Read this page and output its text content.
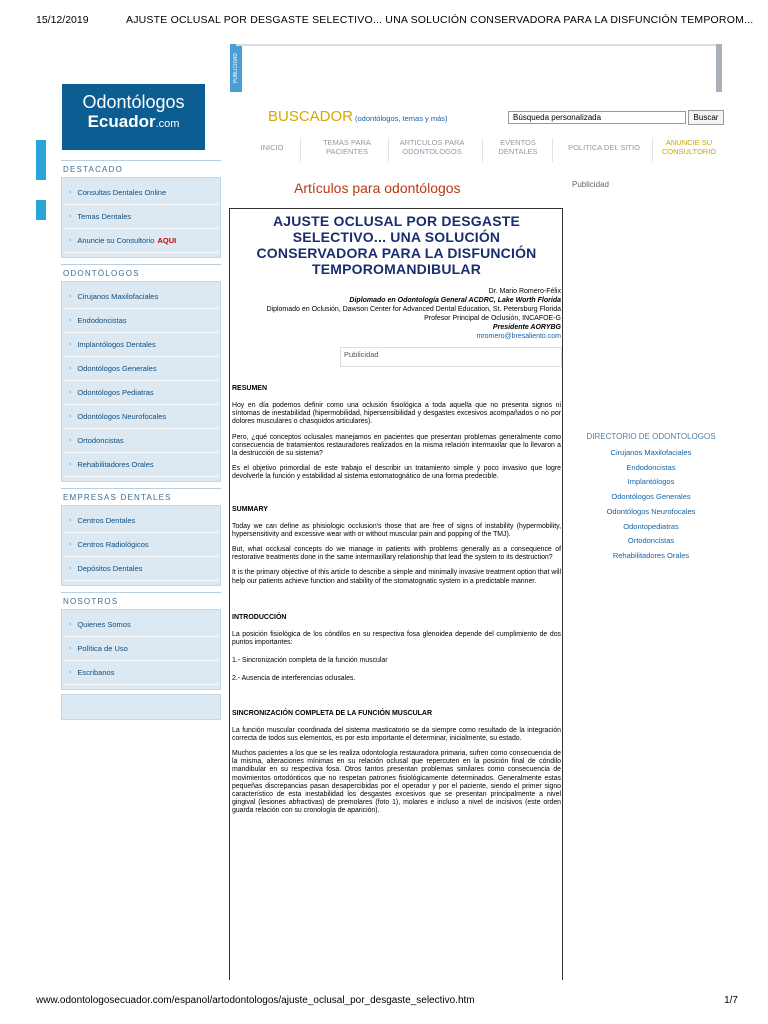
15/12/2019	AJUSTE OCLUSAL POR DESGASTE SELECTIVO... UNA SOLUCIÓN CONSERVADORA PARA LA DISFUNCIÓN TEMPOROM...
PUBLICIDAD
Odontólogos
Ecuador.com	BUSCADOR (odontólogos, temas y más)	Búsqueda personalizada	Buscar
INICIO
TEMAS PARA
PACIENTES
ARTICULOS PARA
ODONTOLOGOS
EVENTOS
DENTALES	POLITICA DEL SITIO
ANUNCIE SU
CONSULTORIO
DESTACADO
› Consultas Dentales Online
› Temas Dentales
› Anuncie su Consultorio AQUI
ODONTÓLOGOS
› Cirujanos Maxilofaciales
› Endodoncistas
› Implantólogos Dentales
› Odontólogos Generales
› Odontólogos Pediatras
› Odontólogos Neurofocales
› Ortodoncistas
› Rehabilitadores Orales
EMPRESAS DENTALES
› Centros Dentales
› Centros Radiológicos
› Depósitos Dentales
NOSOTROS
› Quienes Somos
› Política de Uso
› Escribanos
Artículos para odontólogos	Publicidad
AJUSTE OCLUSAL POR DESGASTE SELECTIVO... UNA SOLUCIÓN CONSERVADORA PARA LA DISFUNCIÓN TEMPOROMANDIBULAR
Dr. Mario Romero-Félix
Diplomado en Odontología General ACDRC, Lake Worth Florida
Diplomado en Oclusión, Dawson Center for Advanced Dental Education, St. Petersburg Florida
Profesor Principal de Oclusión, INCAFOE-G
Presidente AORYBG
mromero@bresaliento.com
Publicidad
RESUMEN

Hoy en día podemos definir como una oclusión fisiológica a toda aquella que no presenta signos ni síntomas de inestabilidad (hipermobilidad, hipersensibilidad y desgastes excesivos acompañados o no por dolores musculares o chasquidos articulares).

Pero, ¿qué conceptos oclusales manejamos en pacientes que presentan problemas generalmente como consecuencia de tratamientos restauradores realizados en la misma relación intermaxilar que lo llevaron a la destrucción de su sistema?

Es el objetivo primordial de este trabajo el describir un tratamiento simple y poco invasivo que logre devolverle la función y estabilidad al sistema estomatognático de una forma predecible.

SUMMARY

Today we can define as phisiologic occlusion's those that are free of signs of instability (hypermobility, hypersensitivity and excessive wear with or without muscular pain and popping of the TMJ).

But, what occlusal concepts do we manage in patients with problems generally as a consequence of restorative treatments done in the same intermaxillary relationship that lead the system to its destruction?

It is the primary objective of this article to describe a simple and minimally invasive treatment option that will help our patients achieve function and stability of the stomatognatic system in a predictable manner.

INTRODUCCIÓN

La posición fisiológica de los cóndilos en su respectiva fosa glenoidea depende del cumplimiento de dos puntos importantes:

1.- Sincronización completa de la función muscular

2.- Ausencia de interferencias oclusales.

SINCRONIZACIÓN COMPLETA DE LA FUNCIÓN MUSCULAR

La función muscular coordinada del sistema masticatorio se da siempre como resultado de la integración correcta de todos sus elementos, es por esto importante el determinar, inicialmente, su estado.

Muchos pacientes a los que se les realiza odontología restauradora primaria, sufren como consecuencia de la misma, alteraciones mínimas en su relación oclusal que repercuten en la posición final de cóndilo mandibular en su respectiva fosa. Otros tantos presentan problemas similares como consecuencia de movimientos ortodónticos que no respetan patrones fisiológicamente determinados. Generalmente estas pequeñas discrepancias pasan desapercibidas por el operador y por el paciente, siendo el primer signo característico de esta inestabilidad los desgastes excesivos que se presentan principalmente a nivel gingival (lesiones abfractivas) de premolares (foto 1), molares e incluso a nivel de incisivos (este orden guarda relación con su cronología de aparición).

DIRECTORIO DE ODONTOLOGOS
Cirujanos Maxilofaciales
Endodoncistas
Implantólogos
Odontólogos Generales
Odontólogos Neurofocales
Odontopediatras
Ortodoncistas
Rehabilitadores Orales
www.odontologosecuador.com/espanol/artodontologos/ajuste_oclusal_por_desgaste_selectivo.htm	1/7
